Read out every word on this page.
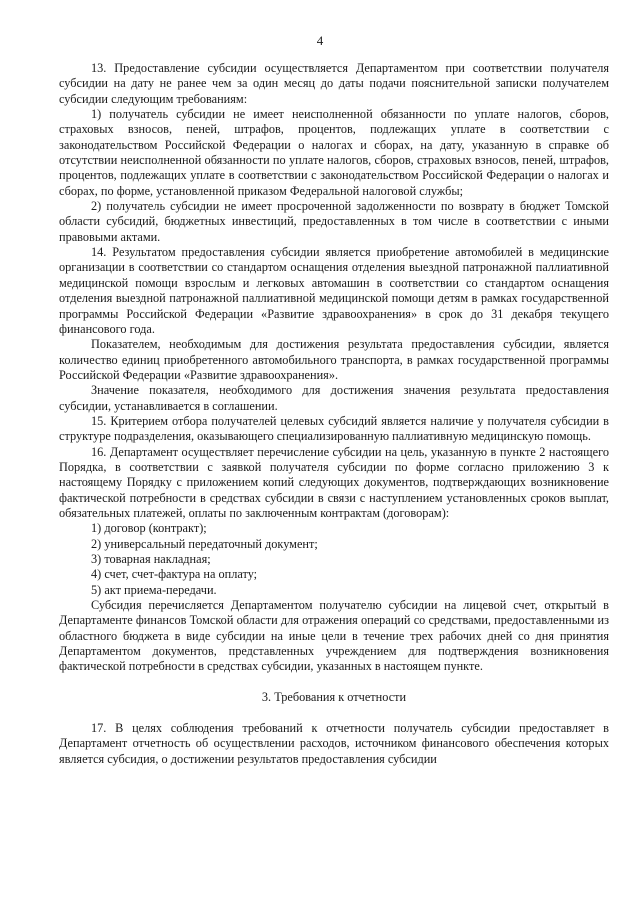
4

13. Предоставление субсидии осуществляется Департаментом при соответствии получателя субсидии на дату не ранее чем за один месяц до даты подачи пояснительной записки получателем субсидии следующим требованиям:

1) получатель субсидии не имеет неисполненной обязанности по уплате налогов, сборов, страховых взносов, пеней, штрафов, процентов, подлежащих уплате в соответствии с законодательством Российской Федерации о налогах и сборах, на дату, указанную в справке об отсутствии неисполненной обязанности по уплате налогов, сборов, страховых взносов, пеней, штрафов, процентов, подлежащих уплате в соответствии с законодательством Российской Федерации о налогах и сборах, по форме, установленной приказом Федеральной налоговой службы;

2) получатель субсидии не имеет просроченной задолженности по возврату в бюджет Томской области субсидий, бюджетных инвестиций, предоставленных в том числе в соответствии с иными правовыми актами.

14. Результатом предоставления субсидии является приобретение автомобилей в медицинские организации в соответствии со стандартом оснащения отделения выездной патронажной паллиативной медицинской помощи взрослым и легковых автомашин в соответствии со стандартом оснащения отделения выездной патронажной паллиативной медицинской помощи детям в рамках государственной программы Российской Федерации «Развитие здравоохранения» в срок до 31 декабря текущего финансового года.

Показателем, необходимым для достижения результата предоставления субсидии, является количество единиц приобретенного автомобильного транспорта, в рамках государственной программы Российской Федерации «Развитие здравоохранения».

Значение показателя, необходимого для достижения значения результата предоставления субсидии, устанавливается в соглашении.

15. Критерием отбора получателей целевых субсидий является наличие у получателя субсидии в структуре подразделения, оказывающего специализированную паллиативную медицинскую помощь.

16. Департамент осуществляет перечисление субсидии на цель, указанную в пункте 2 настоящего Порядка, в соответствии с заявкой получателя субсидии по форме согласно приложению 3 к настоящему Порядку с приложением копий следующих документов, подтверждающих возникновение фактической потребности в средствах субсидии в связи с наступлением установленных сроков выплат, обязательных платежей, оплаты по заключенным контрактам (договорам):

1) договор (контракт);
2) универсальный передаточный документ;
3) товарная накладная;
4) счет, счет-фактура на оплату;
5) акт приема-передачи.

Субсидия перечисляется Департаментом получателю субсидии на лицевой счет, открытый в Департаменте финансов Томской области для отражения операций со средствами, предоставленными из областного бюджета в виде субсидии на иные цели в течение трех рабочих дней со дня принятия Департаментом документов, представленных учреждением для подтверждения возникновения фактической потребности в средствах субсидии, указанных в настоящем пункте.

3. Требования к отчетности

17. В целях соблюдения требований к отчетности получатель субсидии предоставляет в Департамент отчетность об осуществлении расходов, источником финансового обеспечения которых является субсидия, о достижении результатов предоставления субсидии
